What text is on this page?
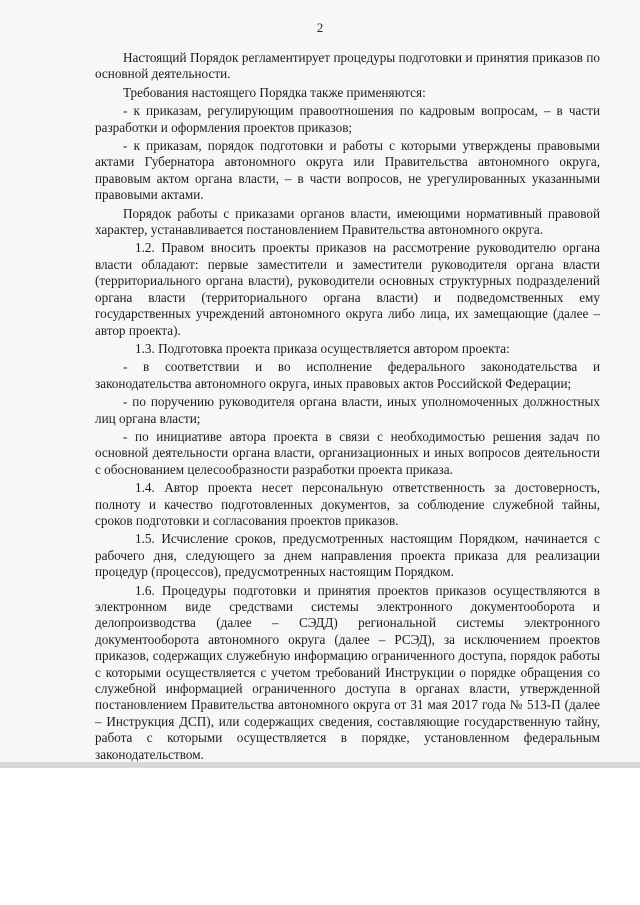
2

Настоящий Порядок регламентирует процедуры подготовки и принятия приказов по основной деятельности.

Требования настоящего Порядка также применяются:

- к приказам, регулирующим правоотношения по кадровым вопросам, – в части разработки и оформления проектов приказов;

- к приказам, порядок подготовки и работы с которыми утверждены правовыми актами Губернатора автономного округа или Правительства автономного округа, правовым актом органа власти, – в части вопросов, не урегулированных указанными правовыми актами.

Порядок работы с приказами органов власти, имеющими нормативный правовой характер, устанавливается постановлением Правительства автономного округа.

1.2. Правом вносить проекты приказов на рассмотрение руководителю органа власти обладают: первые заместители и заместители руководителя органа власти (территориального органа власти), руководители основных структурных подразделений органа власти (территориального органа власти) и подведомственных ему государственных учреждений автономного округа либо лица, их замещающие (далее – автор проекта).

1.3. Подготовка проекта приказа осуществляется автором проекта:

- в соответствии и во исполнение федерального законодательства и законодательства автономного округа, иных правовых актов Российской Федерации;

- по поручению руководителя органа власти, иных уполномоченных должностных лиц органа власти;

- по инициативе автора проекта в связи с необходимостью решения задач по основной деятельности органа власти, организационных и иных вопросов деятельности с обоснованием целесообразности разработки проекта приказа.

1.4. Автор проекта несет персональную ответственность за достоверность, полноту и качество подготовленных документов, за соблюдение служебной тайны, сроков подготовки и согласования проектов приказов.

1.5. Исчисление сроков, предусмотренных настоящим Порядком, начинается с рабочего дня, следующего за днем направления проекта приказа для реализации процедур (процессов), предусмотренных настоящим Порядком.

1.6. Процедуры подготовки и принятия проектов приказов осуществляются в электронном виде средствами системы электронного документооборота и делопроизводства (далее – СЭДД) региональной системы электронного документооборота автономного округа (далее – РСЭД), за исключением проектов приказов, содержащих служебную информацию ограниченного доступа, порядок работы с которыми осуществляется с учетом требований Инструкции о порядке обращения со служебной информацией ограниченного доступа в органах власти, утвержденной постановлением Правительства автономного округа от 31 мая 2017 года № 513-П (далее – Инструкция ДСП), или содержащих сведения, составляющие государственную тайну, работа с которыми осуществляется в порядке, установленном федеральным законодательством.
